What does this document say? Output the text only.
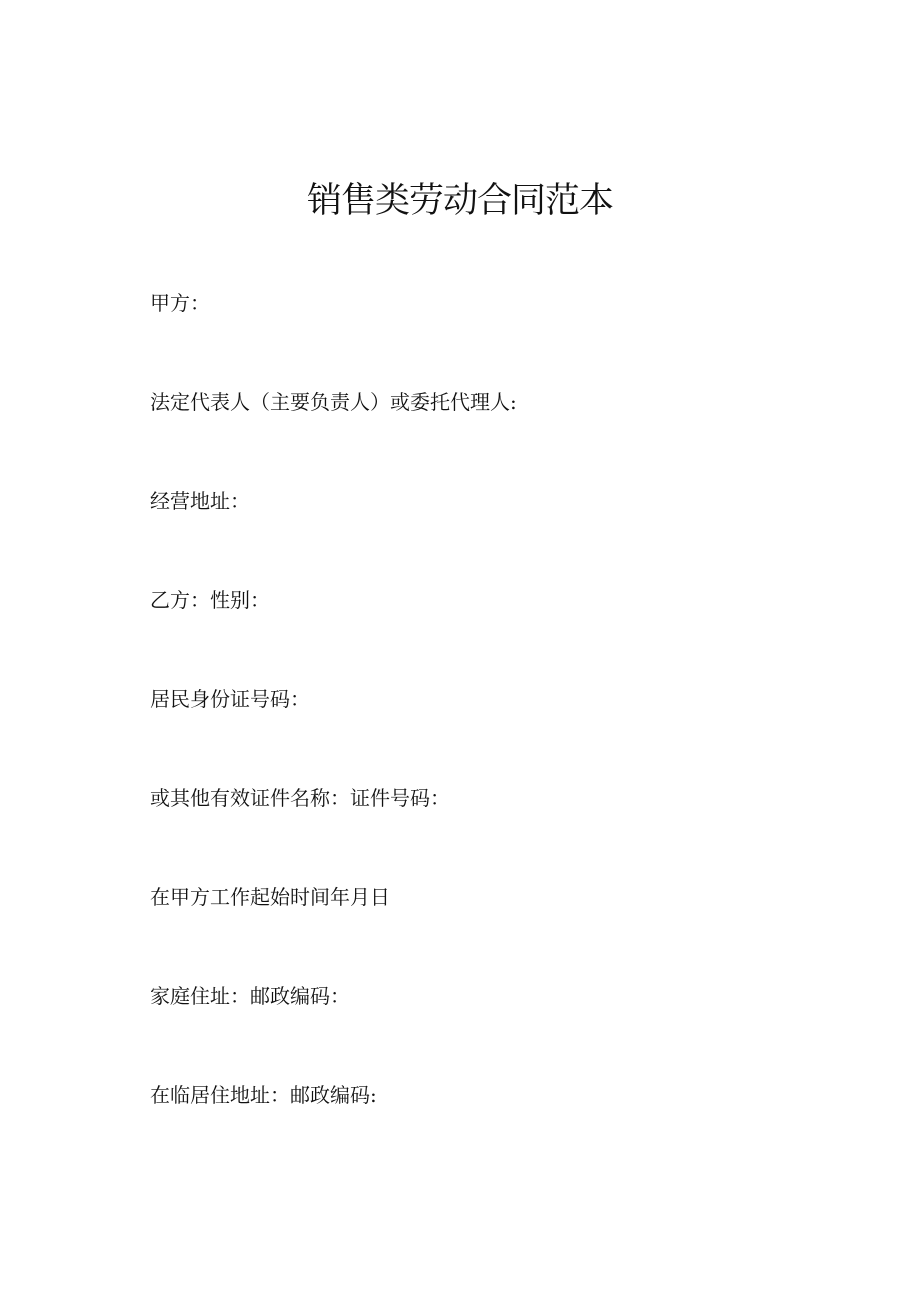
销售类劳动合同范本
甲方：
法定代表人（主要负责人）或委托代理人:
经营地址：
乙方：性别：
居民身份证号码：
或其他有效证件名称：证件号码：
在甲方工作起始时间年月日
家庭住址：邮政编码：
在临居住地址：邮政编码:
